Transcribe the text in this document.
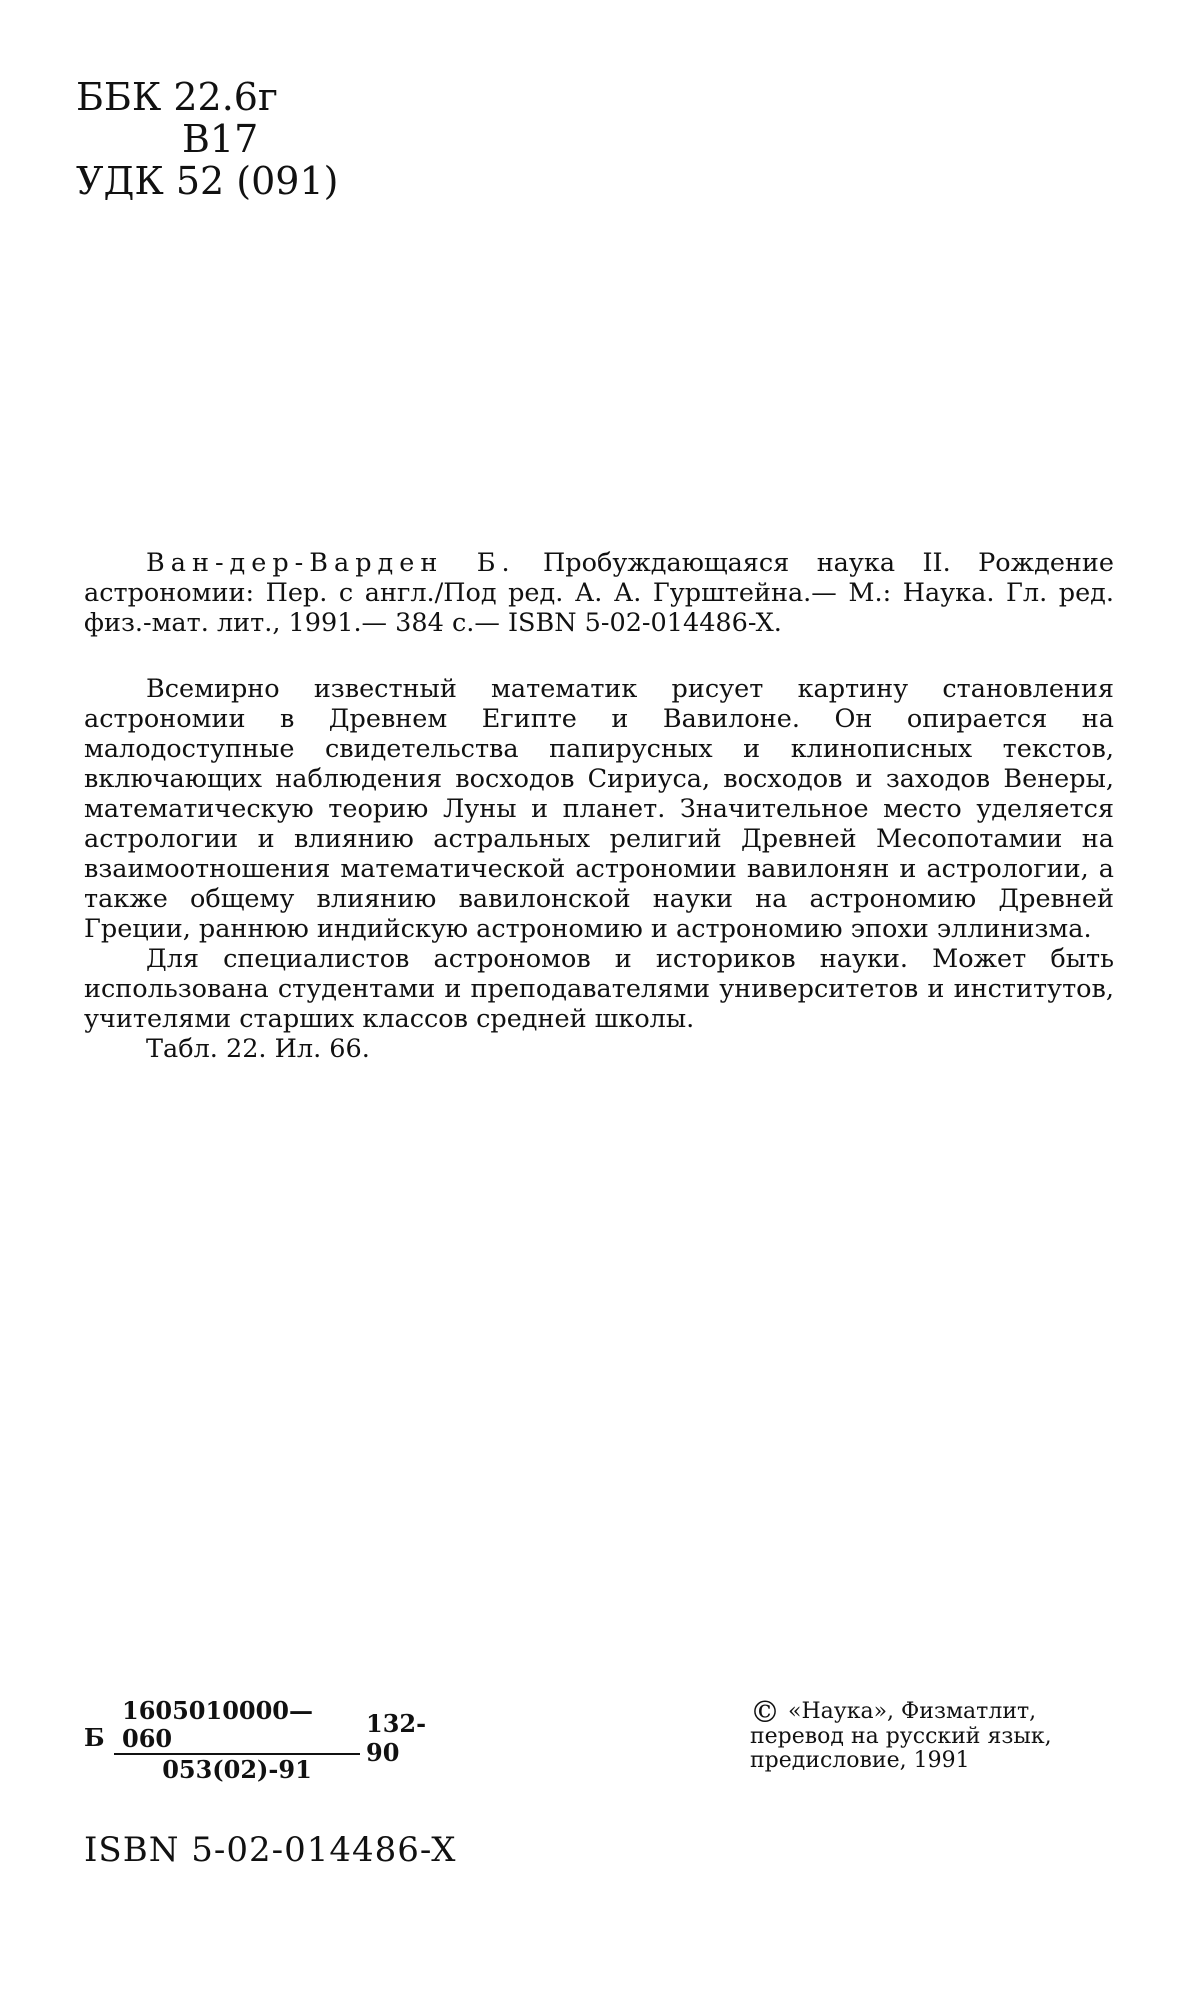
ББК 22.6г
В17
УДК 52 (091)

Ван-дер-Варден Б. Пробуждающаяся наука II. Рождение астрономии: Пер. с англ./Под ред. А. А. Гурштейна.— М.: Наука. Гл. ред. физ.-мат. лит., 1991.— 384 с.— ISBN 5-02-014486-X.

Всемирно известный математик рисует картину становления астрономии в Древнем Египте и Вавилоне. Он опирается на малодоступные свидетельства папирусных и клинописных текстов, включающих наблюдения восходов Сириуса, восходов и заходов Венеры, математическую теорию Луны и планет. Значительное место уделяется астрологии и влиянию астральных религий Древней Месопотамии на взаимоотношения математической астрономии вавилонян и астрологии, а также общему влиянию вавилонской науки на астрономию Древней Греции, раннюю индийскую астрономию и астрономию эпохи эллинизма.

Для специалистов астрономов и историков науки. Может быть использована студентами и преподавателями университетов и институтов, учителями старших классов средней школы.

Табл. 22. Ил. 66.

Б $\frac{1605010000—060}{053(02)-91} 132-90$
© «Наука», Физматлит,
перевод на русский язык,
предисловие, 1991
ISBN 5-02-014486-X
